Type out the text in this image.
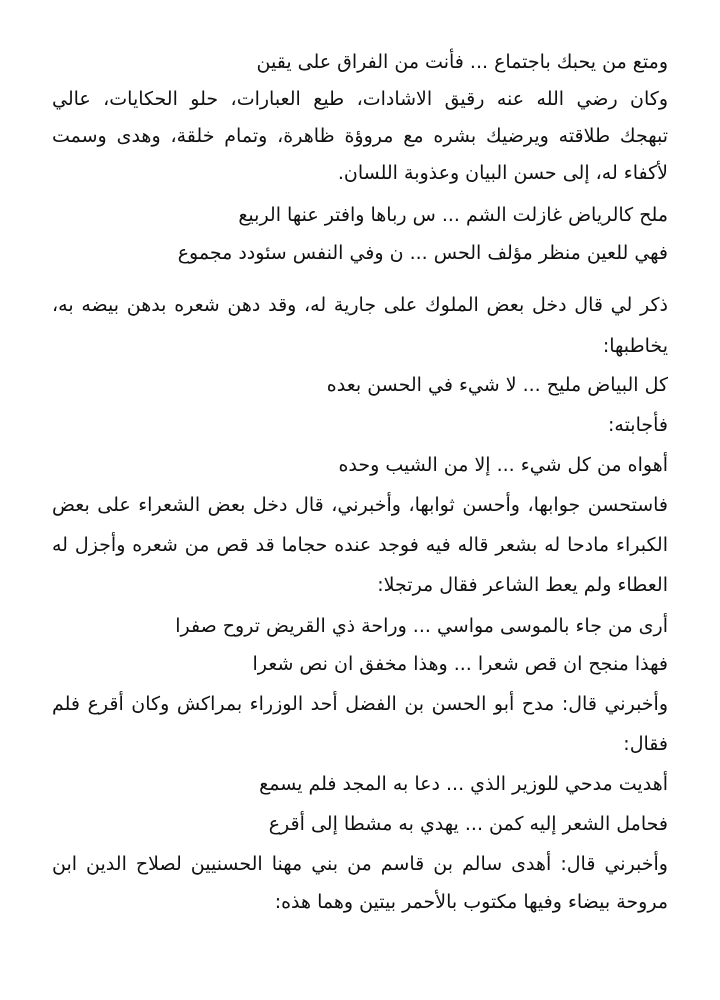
ومتع من يحبك باجتماع ... فأنت من الفراق على يقين
وكان رضي الله عنه رقيق الاشادات، طيع العبارات، حلو الحكايات، عالي
تبهجك طلاقته ويرضيك بشره مع مروؤة ظاهرة، وتمام خلقة، وهدى وسمت
لأكفاء له، إلى حسن البيان وعذوبة اللسان.
ملح كالرياض غازلت الشم ... س رباها وافتر عنها الربيع
فهي للعين منظر مؤلف الحس ... ن وفي النفس سئودد مجموع
ذكر لي قال دخل بعض الملوك على جارية له، وقد دهن شعره بدهن بيضه به،
يخاطبها:
كل البياض مليح ... لا شيء في الحسن بعده
فأجابته:
أهواه من كل شيء ... إلا من الشيب وحده
فاستحسن جوابها، وأحسن ثوابها، وأخبرني، قال دخل بعض الشعراء على بعض
الكبراء مادحا له بشعر قاله فيه فوجد عنده حجاما قد قص من شعره وأجزل له
العطاء ولم يعط الشاعر فقال مرتجلا:
أرى من جاء بالموسى مواسي ... وراحة ذي القريض تروح صفرا
فهذا منجح ان قص شعرا ... وهذا مخفق ان نص شعرا
وأخبرني قال: مدح أبو الحسن بن الفضل أحد الوزراء بمراكش وكان أقرع فلم
فقال:
أهديت مدحي للوزير الذي ... دعا به المجد فلم يسمع
فحامل الشعر إليه كمن ... يهدي به مشطا إلى أقرع
وأخبرني قال: أهدى سالم بن قاسم من بني مهنا الحسنيين لصلاح الدين ابن
مروحة بيضاء وفيها مكتوب بالأحمر بيتين وهما هذه:
